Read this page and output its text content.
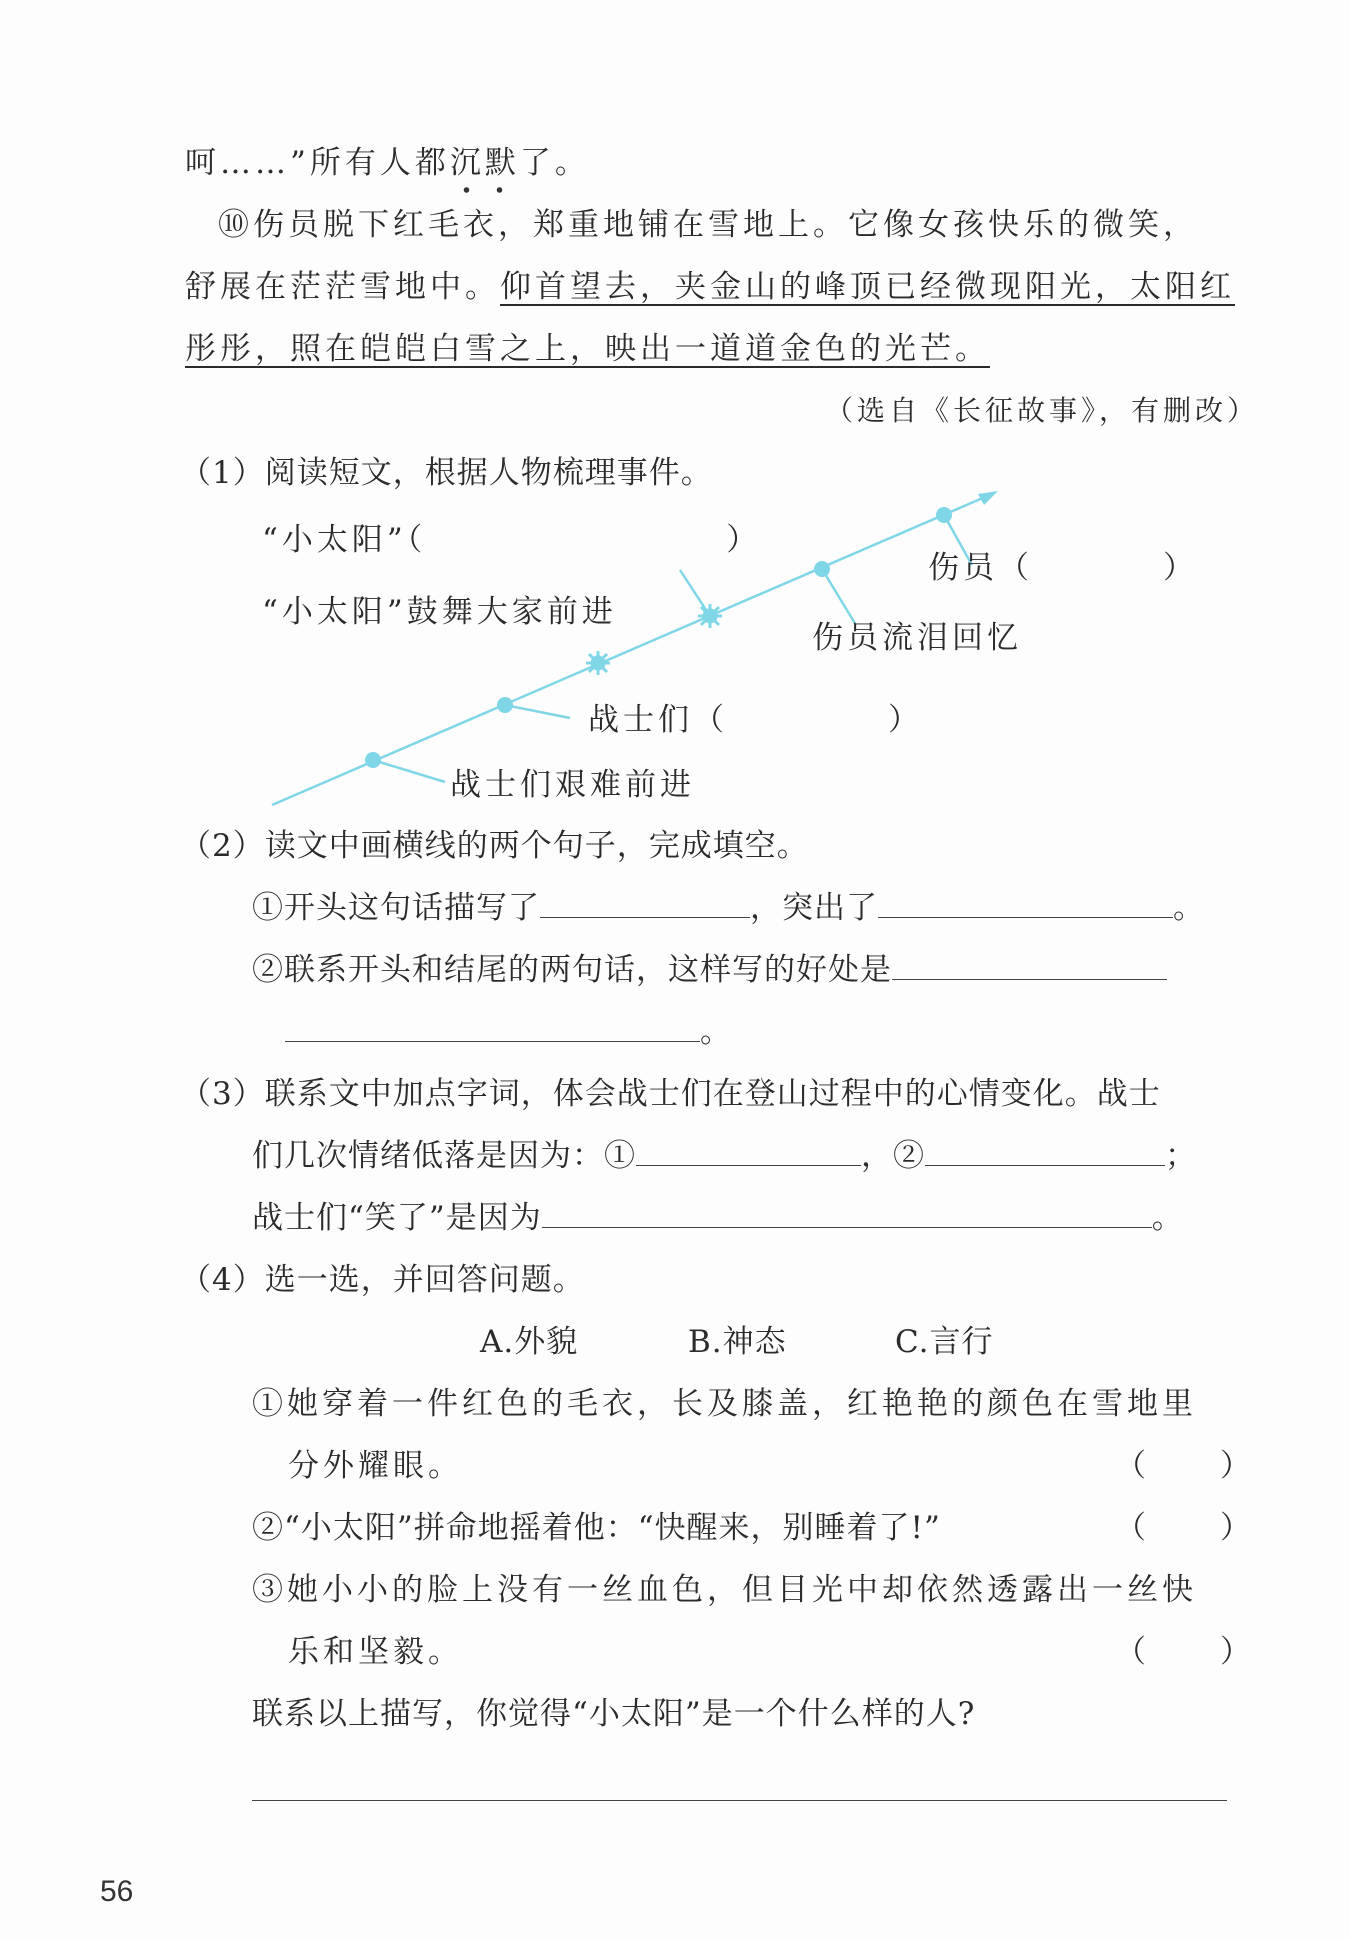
呵……”所有人都沉默了。
⑩伤员脱下红毛衣，郑重地铺在雪地上。它像女孩快乐的微笑，
舒展在茫茫雪地中。仰首望去，夹金山的峰顶已经微现阳光，太阳红
彤彤，照在皑皑白雪之上，映出一道道金色的光芒。
（选自《长征故事》，有删改）
（1）阅读短文，根据人物梳理事件。
“小太阳”（	）
“小太阳”鼓舞大家前进
伤员（	）
伤员流泪回忆
战士们（	）
战士们艰难前进
（2）读文中画横线的两个句子，完成填空。
①开头这句话描写了	，突出了	。
②联系开头和结尾的两句话，这样写的好处是
。
（3）联系文中加点字词，体会战士们在登山过程中的心情变化。战士
们几次情绪低落是因为：①	，②	；
战士们“笑了”是因为	。
（4）选一选，并回答问题。
A.外貌	B.神态	C.言行
①她穿着一件红色的毛衣，长及膝盖，红艳艳的颜色在雪地里
分外耀眼。	（　　）
②“小太阳”拼命地摇着他：“快醒来，别睡着了!”	（　　）
③她小小的脸上没有一丝血色，但目光中却依然透露出一丝快
乐和坚毅。	（　　）
联系以上描写，你觉得“小太阳”是一个什么样的人?
56
